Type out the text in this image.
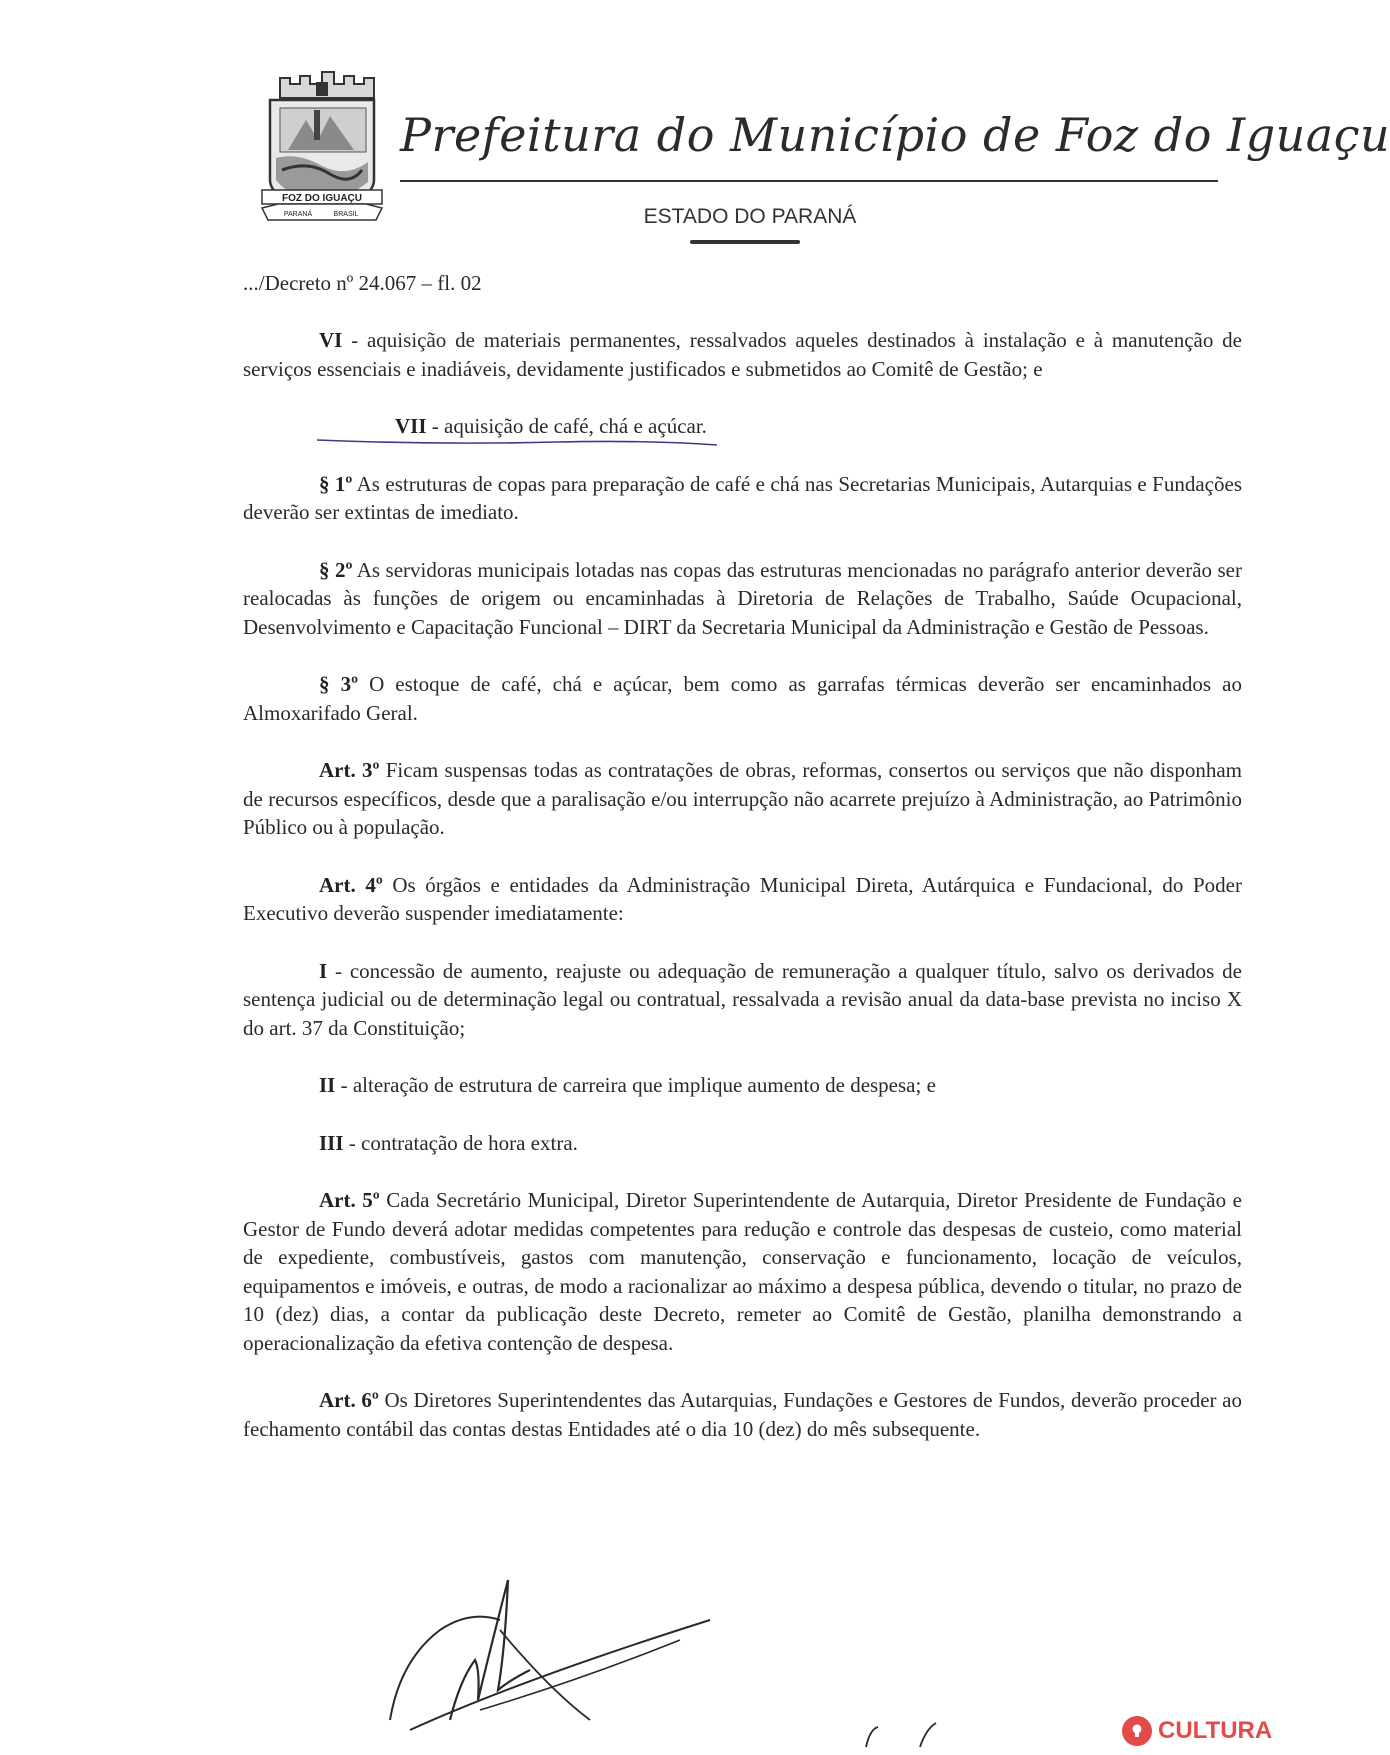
FOZ DO IGUAÇU
PARANÁ	BRASIL
Prefeitura do Município de Foz do Iguaçu
ESTADO DO PARANÁ
.../Decreto nº 24.067 – fl. 02

VI - aquisição de materiais permanentes, ressalvados aqueles destinados à instalação e à manutenção de serviços essenciais e inadiáveis, devidamente justificados e submetidos ao Comitê de Gestão; e

VII - aquisição de café, chá e açúcar.

§ 1º As estruturas de copas para preparação de café e chá nas Secretarias Municipais, Autarquias e Fundações deverão ser extintas de imediato.

§ 2º As servidoras municipais lotadas nas copas das estruturas mencionadas no parágrafo anterior deverão ser realocadas às funções de origem ou encaminhadas à Diretoria de Relações de Trabalho, Saúde Ocupacional, Desenvolvimento e Capacitação Funcional – DIRT da Secretaria Municipal da Administração e Gestão de Pessoas.

§ 3º O estoque de café, chá e açúcar, bem como as garrafas térmicas deverão ser encaminhados ao Almoxarifado Geral.

Art. 3º Ficam suspensas todas as contratações de obras, reformas, consertos ou serviços que não disponham de recursos específicos, desde que a paralisação e/ou interrupção não acarrete prejuízo à Administração, ao Patrimônio Público ou à população.

Art. 4º Os órgãos e entidades da Administração Municipal Direta, Autárquica e Fundacional, do Poder Executivo deverão suspender imediatamente:

I - concessão de aumento, reajuste ou adequação de remuneração a qualquer título, salvo os derivados de sentença judicial ou de determinação legal ou contratual, ressalvada a revisão anual da data-base prevista no inciso X do art. 37 da Constituição;

II - alteração de estrutura de carreira que implique aumento de despesa; e

III - contratação de hora extra.

Art. 5º Cada Secretário Municipal, Diretor Superintendente de Autarquia, Diretor Presidente de Fundação e Gestor de Fundo deverá adotar medidas competentes para redução e controle das despesas de custeio, como material de expediente, combustíveis, gastos com manutenção, conservação e funcionamento, locação de veículos, equipamentos e imóveis, e outras, de modo a racionalizar ao máximo a despesa pública, devendo o titular, no prazo de 10 (dez) dias, a contar da publicação deste Decreto, remeter ao Comitê de Gestão, planilha demonstrando a operacionalização da efetiva contenção de despesa.

Art. 6º Os Diretores Superintendentes das Autarquias, Fundações e Gestores de Fundos, deverão proceder ao fechamento contábil das contas destas Entidades até o dia 10 (dez) do mês subsequente.

CULTURA
